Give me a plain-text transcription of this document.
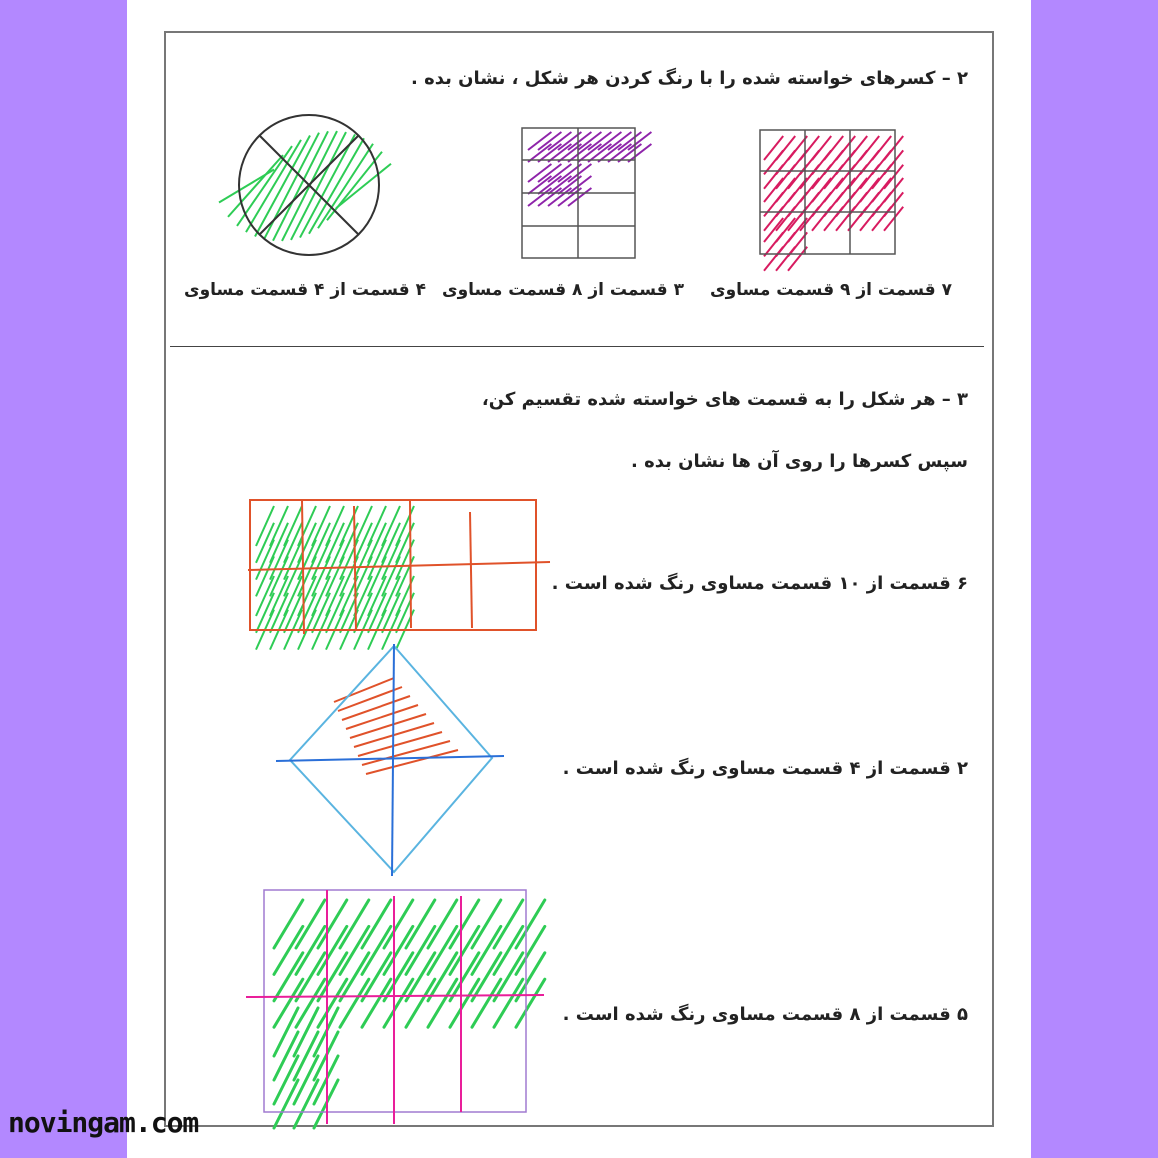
۲ – کسرهای خواسته شده را با رنگ کردن هر شکل ، نشان بده .
۷ قسمت از ۹ قسمت مساوی
۳ قسمت از ۸ قسمت مساوی
۴ قسمت از ۴ قسمت مساوی
۳ – هر شکل را به قسمت های خواسته شده تقسیم کن،
سپس کسرها را روی آن ها نشان بده .
۶ قسمت از ۱۰ قسمت مساوی رنگ شده است .
۲ قسمت از ۴ قسمت مساوی رنگ شده است .
۵ قسمت از ۸ قسمت مساوی رنگ شده است .
novingam.com
